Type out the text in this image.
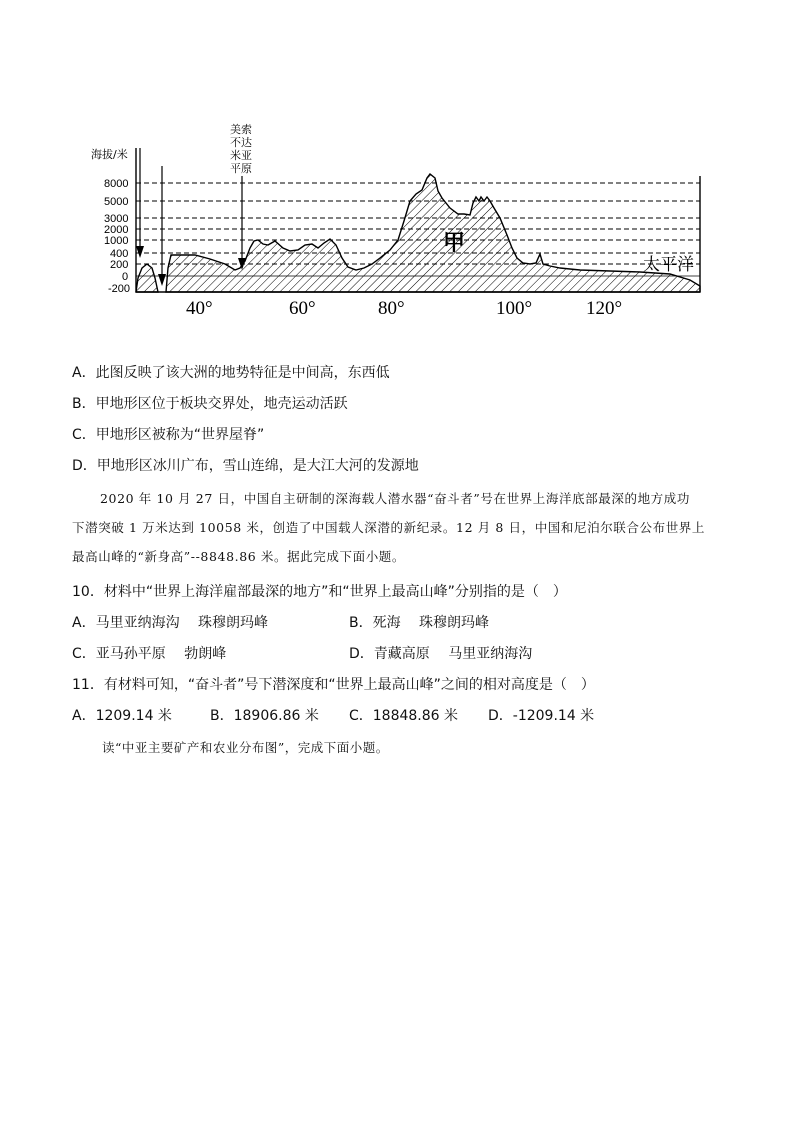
海拔/米
8000
5000
3000
2000
1000
400
200
0
-200
甲
太平洋
美索
不达
米亚
平原
40°	60°	80°	100°	120°
A．此图反映了该大洲的地势特征是中间高，东西低
B．甲地形区位于板块交界处，地壳运动活跃
C．甲地形区被称为“世界屋脊”
D．甲地形区冰川广布，雪山连绵，是大江大河的发源地
2020 年 10 月 27 日，中国自主研制的深海载人潜水器“奋斗者”号在世界上海洋底部最深的地方成功
下潜突破 1 万米达到 10058 米，创造了中国载人深潜的新纪录。12 月 8 日，中国和尼泊尔联合公布世界上
最高山峰的“新身高”--8848.86 米。据此完成下面小题。
10．材料中“世界上海洋雇部最深的地方”和“世界上最高山峰”分别指的是（　）
A．马里亚纳海沟　 珠穆朗玛峰	B．死海　 珠穆朗玛峰
C．亚马孙平原　 勃朗峰	D．青藏高原　 马里亚纳海沟
11．有材料可知，“奋斗者”号下潜深度和“世界上最高山峰”之间的相对高度是（　）
A．1209.14 米	B．18906.86 米 C．18848.86 米 D．-1209.14 米
读“中亚主要矿产和农业分布图”，完成下面小题。
